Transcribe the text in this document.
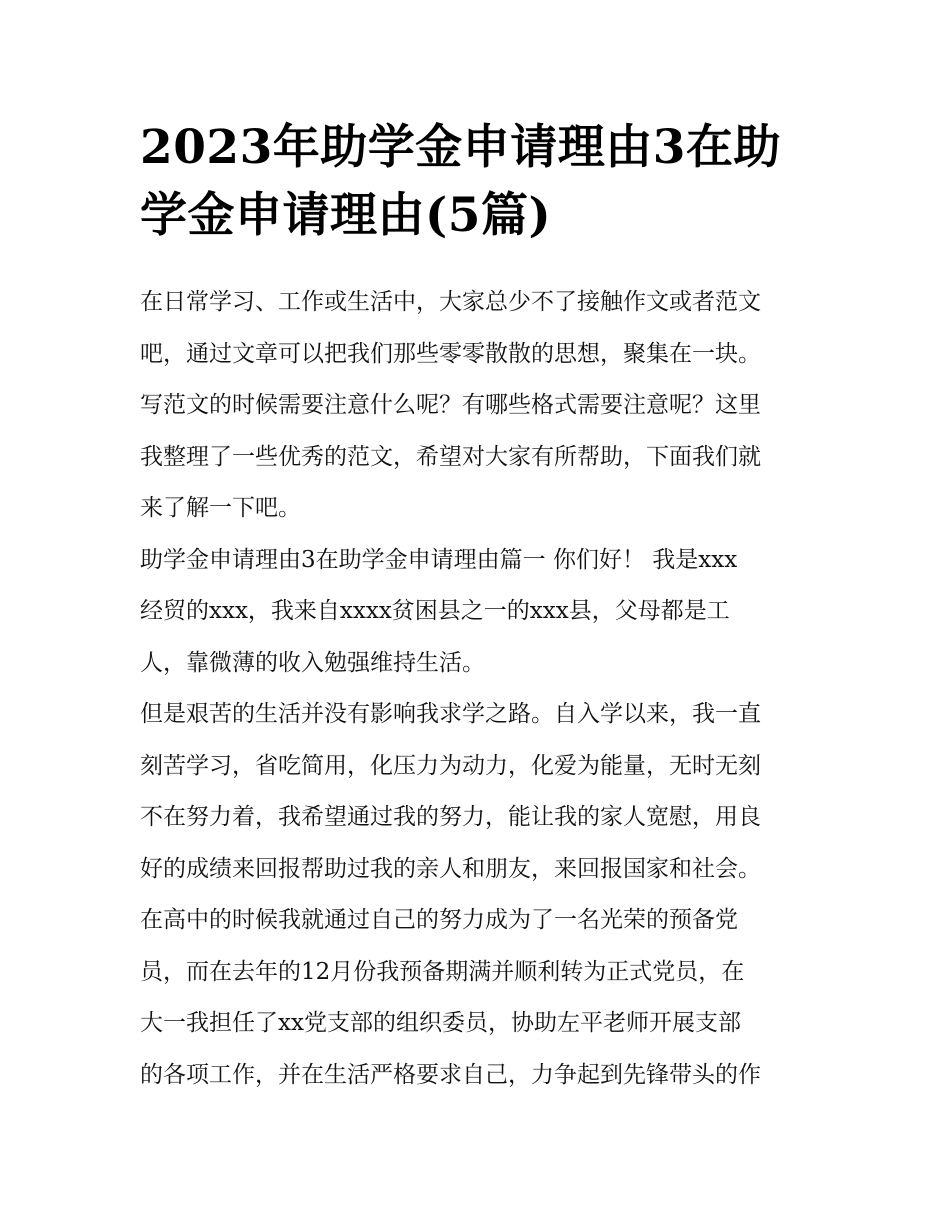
2023年助学金申请理由3在助
学金申请理由(5篇)
在日常学习、工作或生活中，大家总少不了接触作文或者范文
吧，通过文章可以把我们那些零零散散的思想，聚集在一块。
写范文的时候需要注意什么呢？有哪些格式需要注意呢？这里
我整理了一些优秀的范文，希望对大家有所帮助，下面我们就
来了解一下吧。
助学金申请理由3在助学金申请理由篇一 你们好！ 我是xxx
经贸的xxx，我来自xxxx贫困县之一的xxx县，父母都是工
人，靠微薄的收入勉强维持生活。
但是艰苦的生活并没有影响我求学之路。自入学以来，我一直
刻苦学习，省吃简用，化压力为动力，化爱为能量，无时无刻
不在努力着，我希望通过我的努力，能让我的家人宽慰，用良
好的成绩来回报帮助过我的亲人和朋友，来回报国家和社会。
在高中的时候我就通过自己的努力成为了一名光荣的预备党
员，而在去年的12月份我预备期满并顺利转为正式党员，在
大一我担任了xx党支部的组织委员，协助左平老师开展支部
的各项工作，并在生活严格要求自己，力争起到先锋带头的作
